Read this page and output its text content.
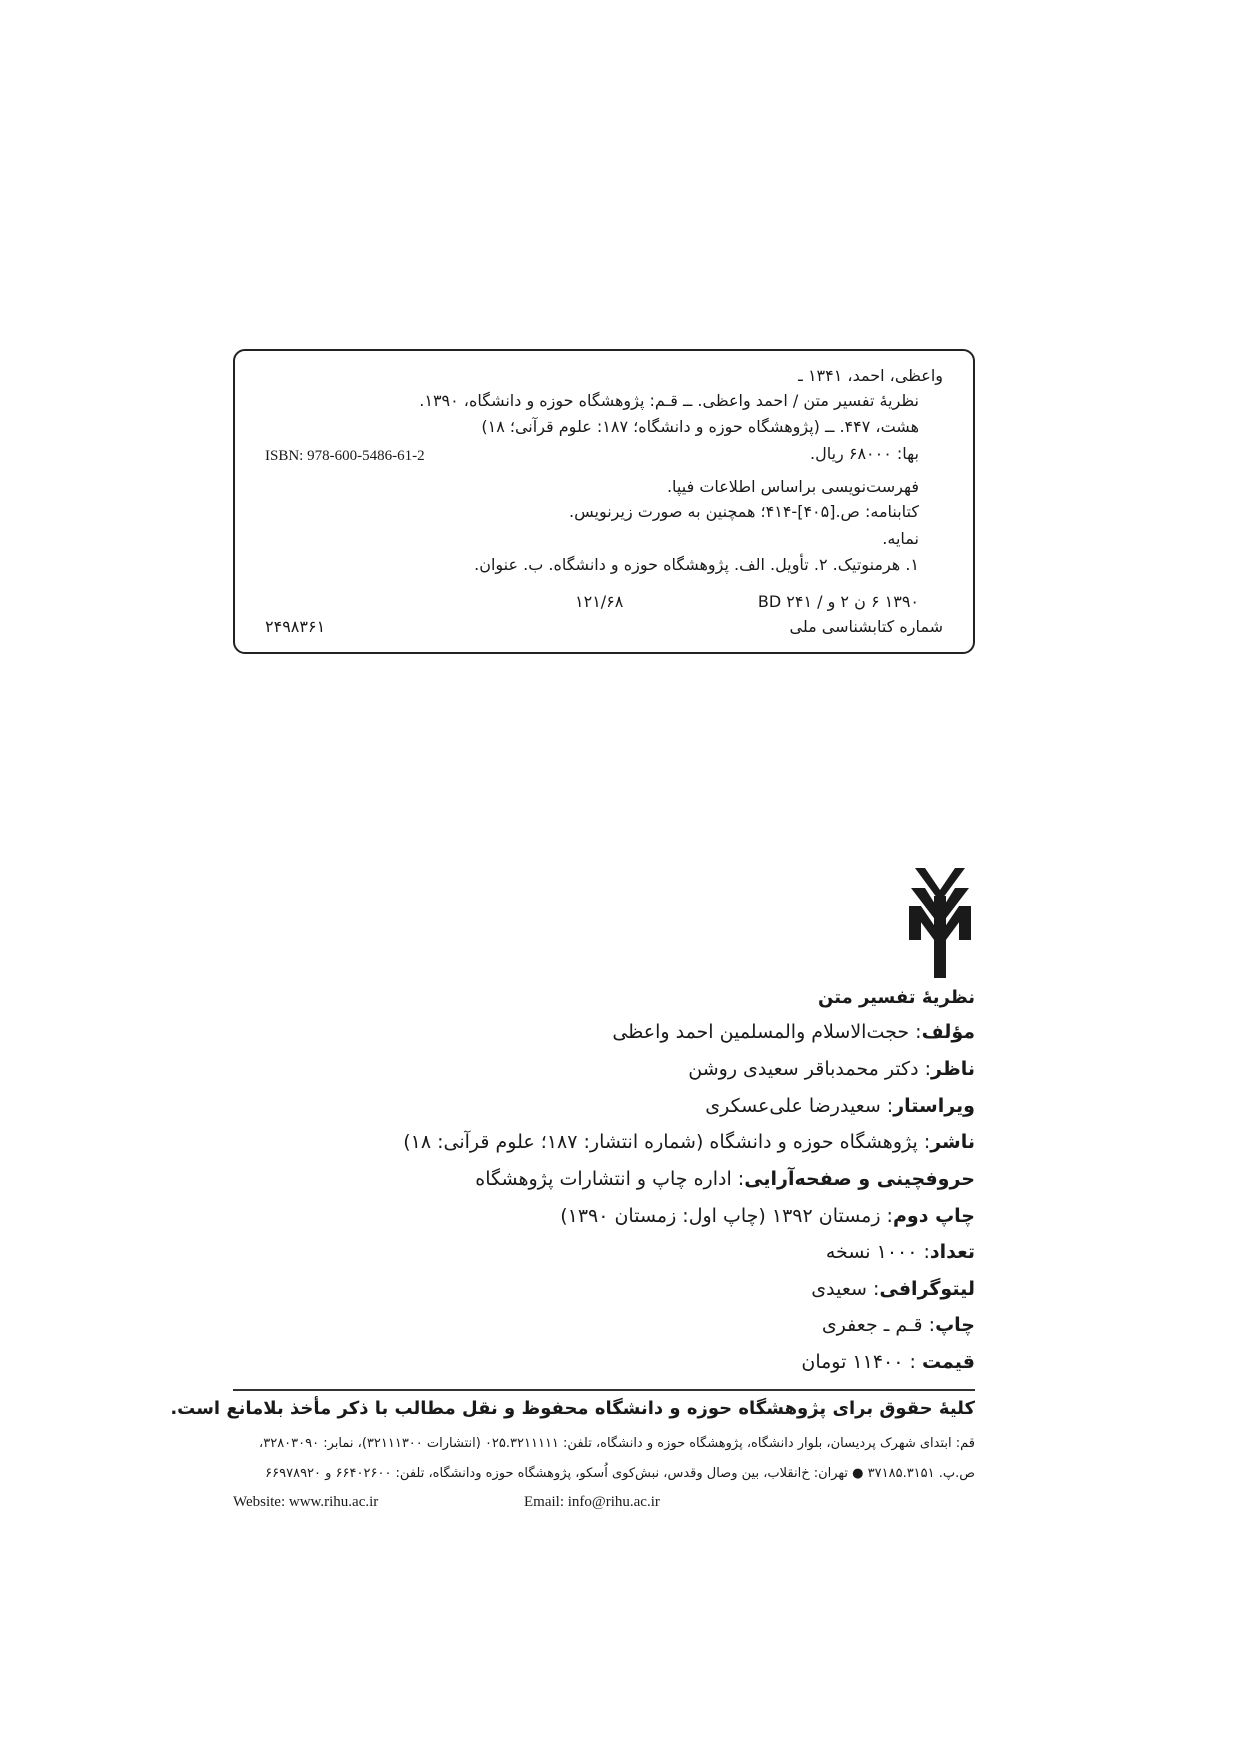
واعظی، احمد، ۱۳۴۱ ـ
نظریهٔ تفسیر متن / احمد واعظی. ــ قـم: پژوهشگاه حوزه و دانشگاه، ۱۳۹۰.
هشت، ۴۴۷. ــ (پژوهشگاه حوزه و دانشگاه؛ ۱۸۷: علوم قرآنی؛ ۱۸)
بها: ۶۸۰۰۰ ریال.
ISBN: 978-600-5486-61-2
فهرست‌نویسی براساس اطلاعات فیپا.
کتابنامه: ص.[۴۰۵]-۴۱۴؛ همچنین به صورت زیرنویس.
نمایه.
۱. هرمنوتیک. ۲. تأویل. الف. پژوهشگاه حوزه و دانشگاه. ب. عنوان.
۱۳۹۰ ۶ ن ۲ و / BD ۲۴۱
۱۲۱/۶۸
شماره کتابشناسی ملی
۲۴۹۸۳۶۱
نظریهٔ تفسیر متن
مؤلف: حجت‌الاسلام والمسلمین احمد واعظی
ناظر: دکتر محمدباقر سعیدی روشن
ویراستار: سعیدرضا علی‌عسکری
ناشر: پژوهشگاه حوزه و دانشگاه (شماره انتشار: ۱۸۷؛ علوم قرآنی: ۱۸)
حروفچینی و صفحه‌آرایی: اداره چاپ و انتشارات پژوهشگاه
چاپ دوم: زمستان ۱۳۹۲ (چاپ اول: زمستان ۱۳۹۰)
تعداد: ۱۰۰۰ نسخه
لیتوگرافی: سعیدی
چاپ: قـم ـ جعفری
قیمت : ۱۱۴۰۰ تومان
کلیهٔ حقوق برای پژوهشگاه حوزه و دانشگاه محفوظ و نقل مطالب با ذکر مأخذ بلامانع است.
قم: ابتدای شهرک پردیسان، بلوار دانشگاه، پژوهشگاه حوزه و دانشگاه، تلفن: ۰۲۵.۳۲۱۱۱۱۱ (انتشارات ۳۲۱۱۱۳۰۰)، نمابر: ۳۲۸۰۳۰۹۰،
ص.پ. ۳۷۱۸۵.۳۱۵۱ ● تهران: خ‌انقلاب، بین وصال وقدس، نبش‌کوی اُسکو، پژوهشگاه حوزه ودانشگاه، تلفن: ۶۶۴۰۲۶۰۰ و ۶۶۹۷۸۹۲۰
Website: www.rihu.ac.ir	Email: info@rihu.ac.ir
